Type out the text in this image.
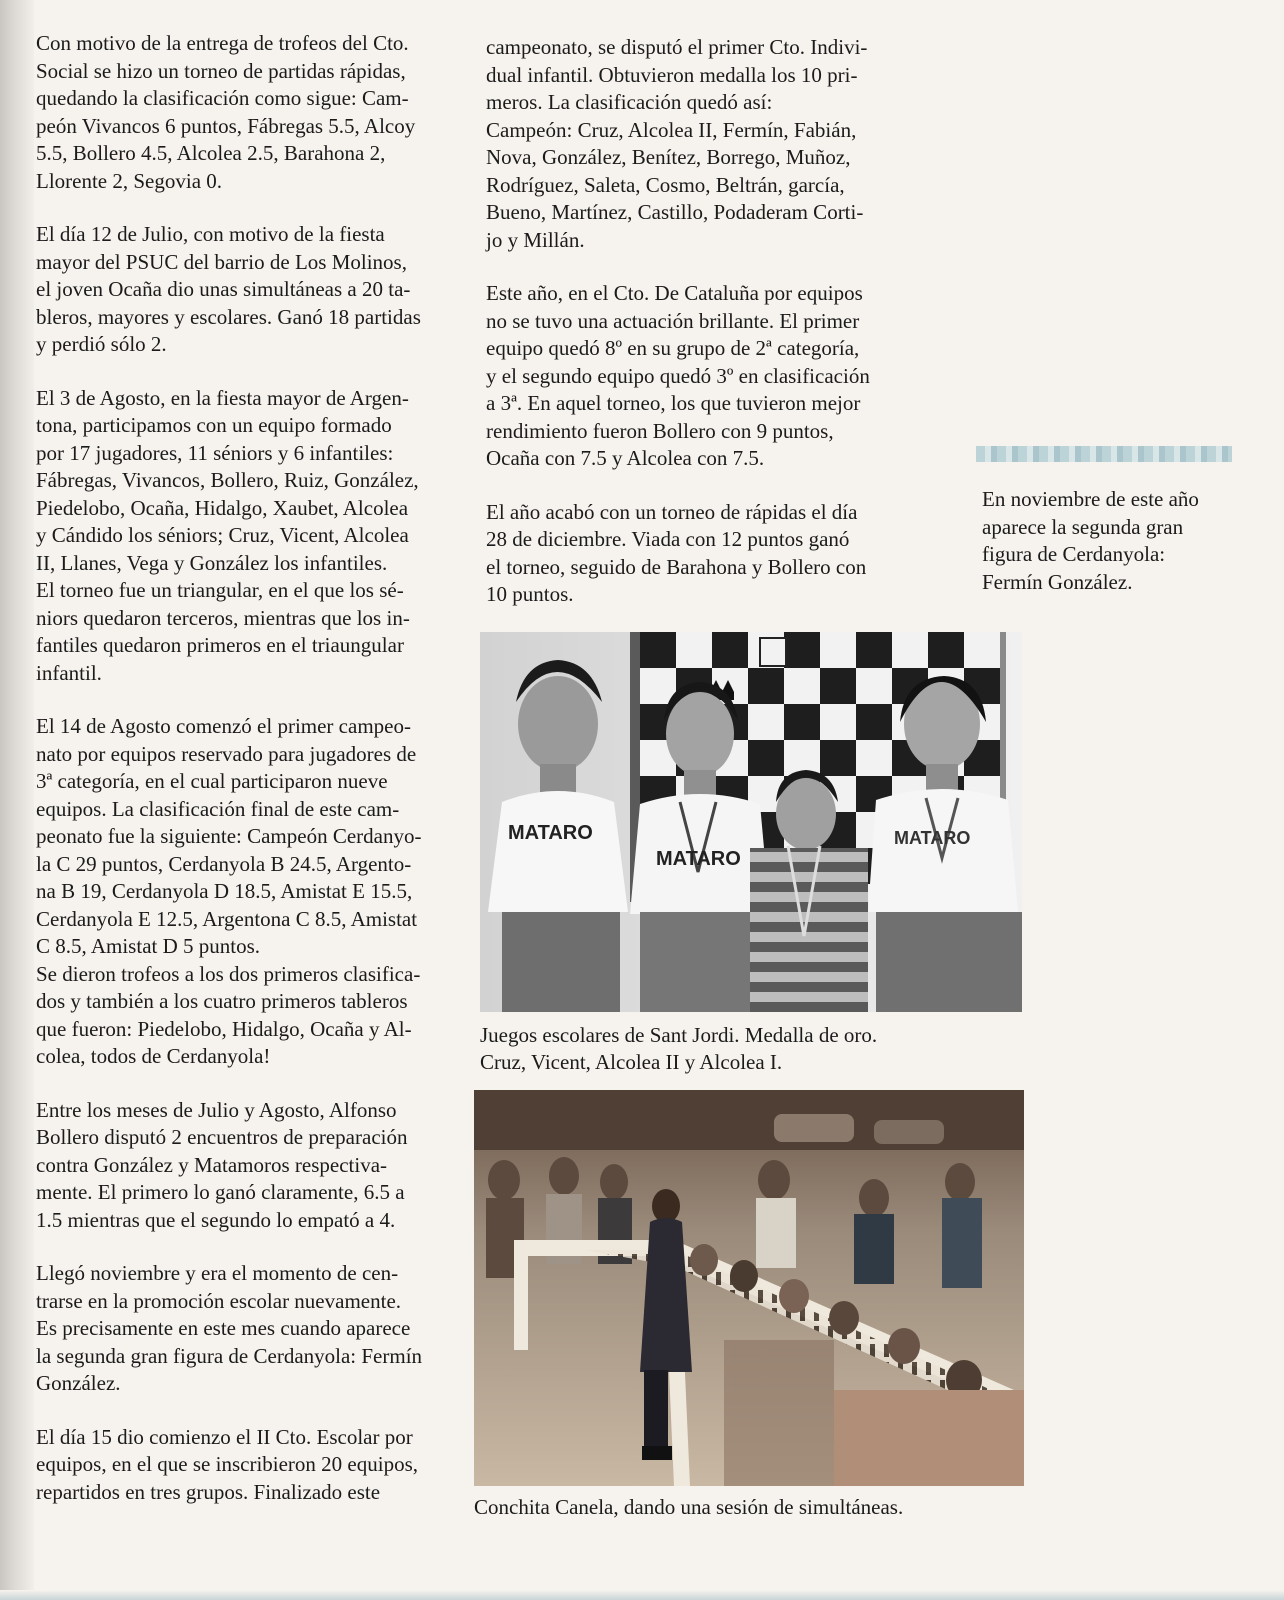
Con motivo de la entrega de trofeos del Cto.
Social se hizo un torneo de partidas rápidas,
quedando la clasificación como sigue: Cam-
peón Vivancos 6 puntos, Fábregas 5.5, Alcoy
5.5, Bollero 4.5, Alcolea 2.5, Barahona 2,
Llorente 2, Segovia 0.

El día 12 de Julio, con motivo de la fiesta
mayor del PSUC del barrio de Los Molinos,
el joven Ocaña dio unas simultáneas a 20 ta-
bleros, mayores y escolares. Ganó 18 partidas
y perdió sólo 2.

El 3 de Agosto, en la fiesta mayor de Argen-
tona, participamos con un equipo formado
por 17 jugadores, 11 séniors y 6 infantiles:
Fábregas, Vivancos, Bollero, Ruiz, González,
Piedelobo, Ocaña, Hidalgo, Xaubet, Alcolea
y Cándido los séniors; Cruz, Vicent, Alcolea
II, Llanes, Vega y González los infantiles.
El torneo fue un triangular, en el que los sé-
niors quedaron terceros, mientras que los in-
fantiles quedaron primeros en el triaungular
infantil.

El 14 de Agosto comenzó el primer campeo-
nato por equipos reservado para jugadores de
3ª categoría, en el cual participaron nueve
equipos. La clasificación final de este cam-
peonato fue la siguiente: Campeón Cerdanyo-
la C 29 puntos, Cerdanyola B 24.5, Argento-
na B 19, Cerdanyola D 18.5, Amistat E 15.5,
Cerdanyola E 12.5, Argentona C 8.5, Amistat
C 8.5, Amistat D 5 puntos.
Se dieron trofeos a los dos primeros clasifica-
dos y también a los cuatro primeros tableros
que fueron: Piedelobo, Hidalgo, Ocaña y Al-
colea, todos de Cerdanyola!

Entre los meses de Julio y Agosto, Alfonso
Bollero disputó 2 encuentros de preparación
contra González y Matamoros respectiva-
mente. El primero lo ganó claramente, 6.5 a
1.5 mientras que el segundo lo empató a 4.

Llegó noviembre y era el momento de cen-
trarse en la promoción escolar nuevamente.
Es precisamente en este mes cuando aparece
la segunda gran figura de Cerdanyola: Fermín
González.

El día 15 dio comienzo el II Cto. Escolar por
equipos, en el que se inscribieron 20 equipos,
repartidos en tres grupos. Finalizado este

campeonato, se disputó el primer Cto. Indivi-
dual infantil. Obtuvieron medalla los 10 pri-
meros. La clasificación quedó así:
Campeón: Cruz, Alcolea II, Fermín, Fabián,
Nova, González, Benítez, Borrego, Muñoz,
Rodríguez, Saleta, Cosmo, Beltrán, garcía,
Bueno, Martínez, Castillo, Podaderam Corti-
jo y Millán.

Este año, en el Cto. De Cataluña por equipos
no se tuvo una actuación brillante. El primer
equipo quedó 8º en su grupo de 2ª categoría,
y el segundo equipo quedó 3º en clasificación
a 3ª. En aquel torneo, los que tuvieron mejor
rendimiento fueron Bollero con 9 puntos,
Ocaña con 7.5 y Alcolea con 7.5.

El año acabó con un torneo de rápidas el día
28 de diciembre. Viada con 12 puntos ganó
el torneo, seguido de Barahona y Bollero con
10 puntos.

En noviembre de este año
aparece la segunda gran
figura de Cerdanyola:
Fermín González.
MATARO
MATARO
MATARO
Juegos escolares de Sant Jordi. Medalla de oro.
Cruz, Vicent, Alcolea II y Alcolea I.
Conchita Canela, dando una sesión de simultáneas.
